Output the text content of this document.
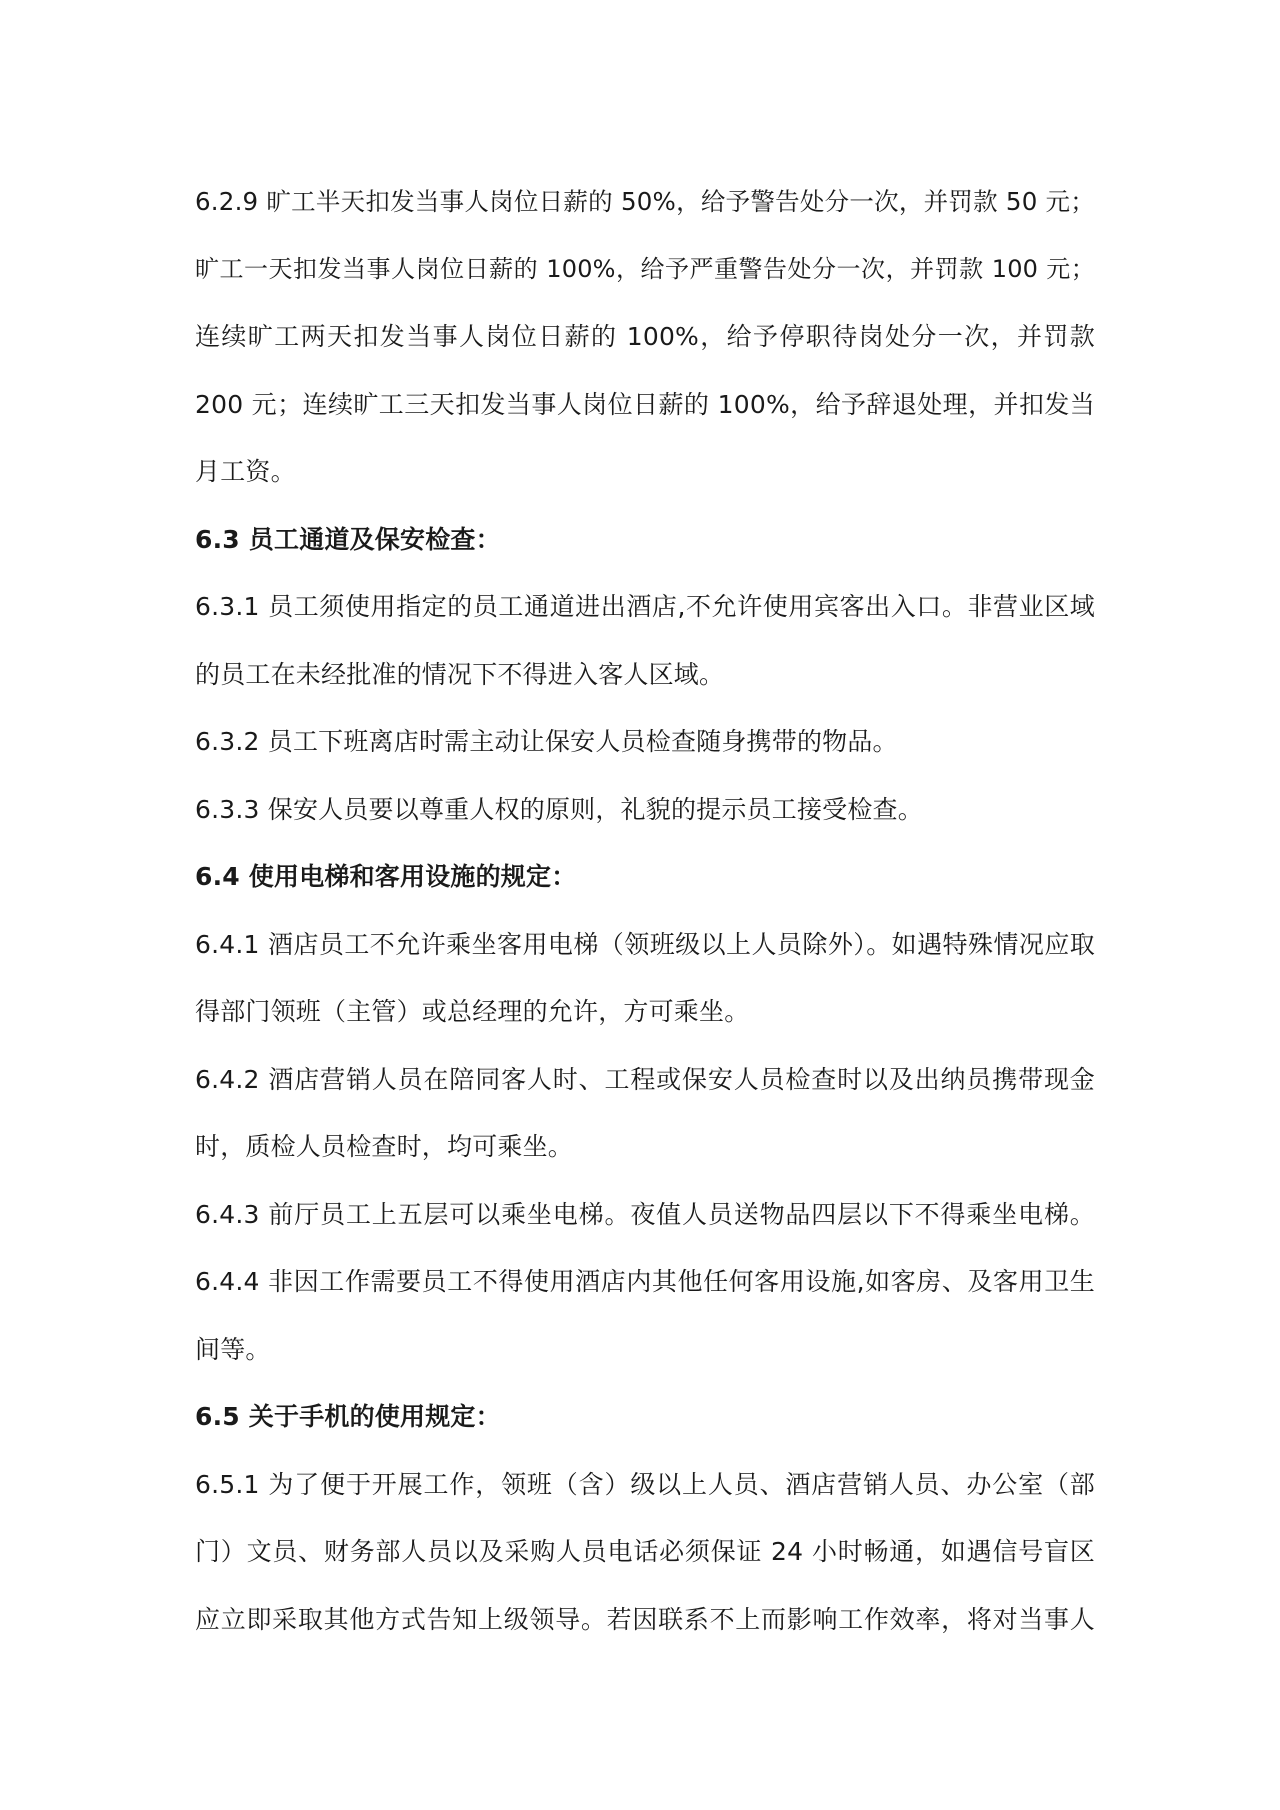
6.2.9 旷工半天扣发当事人岗位日薪的 50%，给予警告处分一次，并罚款 50 元；
旷工一天扣发当事人岗位日薪的 100%，给予严重警告处分一次，并罚款 100 元；
连续旷工两天扣发当事人岗位日薪的 100%，给予停职待岗处分一次，并罚款
200 元；连续旷工三天扣发当事人岗位日薪的 100%，给予辞退处理，并扣发当
月工资。
6.3 员工通道及保安检查：
6.3.1 员工须使用指定的员工通道进出酒店,不允许使用宾客出入口。非营业区域
的员工在未经批准的情况下不得进入客人区域。
6.3.2 员工下班离店时需主动让保安人员检查随身携带的物品。
6.3.3 保安人员要以尊重人权的原则，礼貌的提示员工接受检查。
6.4 使用电梯和客用设施的规定：
6.4.1 酒店员工不允许乘坐客用电梯（领班级以上人员除外）。如遇特殊情况应取
得部门领班（主管）或总经理的允许，方可乘坐。
6.4.2 酒店营销人员在陪同客人时、工程或保安人员检查时以及出纳员携带现金
时，质检人员检查时，均可乘坐。
6.4.3 前厅员工上五层可以乘坐电梯。夜值人员送物品四层以下不得乘坐电梯。
6.4.4 非因工作需要员工不得使用酒店内其他任何客用设施,如客房、及客用卫生
间等。
6.5 关于手机的使用规定：
6.5.1 为了便于开展工作，领班（含）级以上人员、酒店营销人员、办公室（部
门）文员、财务部人员以及采购人员电话必须保证 24 小时畅通，如遇信号盲区
应立即采取其他方式告知上级领导。若因联系不上而影响工作效率，将对当事人
